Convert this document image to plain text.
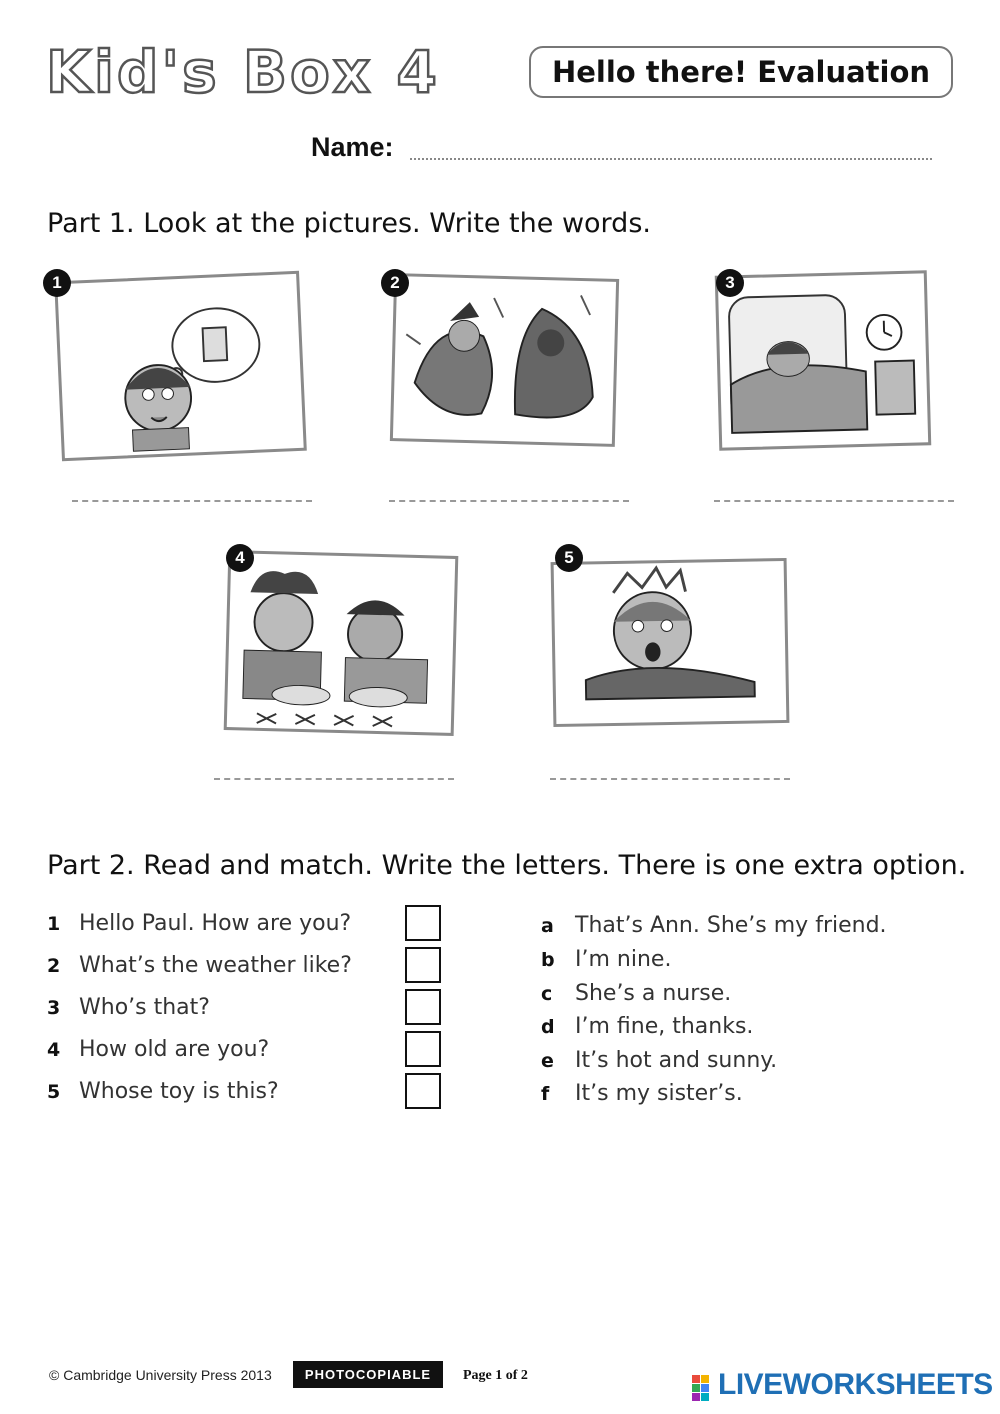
Kid's Box 4	Hello there! Evaluation
Name:
Part 1. Look at the pictures. Write the words.
1	2	3
4	5
Part 2. Read and match. Write the letters. There is one extra option.
1 Hello Paul. How are you?
2 What’s the weather like?
3 Who’s that?
4 How old are you?
5 Whose toy is this?
a That’s Ann. She’s my friend.
b I’m nine.
c	She’s a nurse.
d I’m fine, thanks.
e It’s hot and sunny.
f	It’s my sister’s.
© Cambridge University Press 2013	PHOTOCOPIABLE	Page 1 of 2	LIVEWORKSHEETS
